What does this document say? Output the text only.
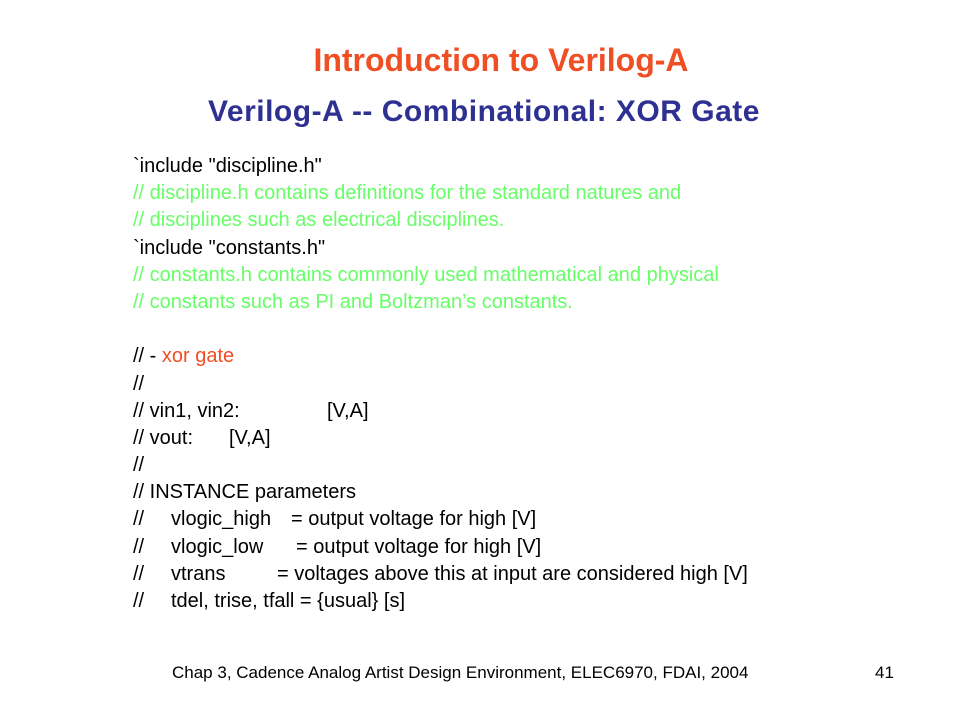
Introduction to Verilog-A
Verilog-A -- Combinational: XOR Gate
`include "discipline.h"
// discipline.h contains definitions for the standard natures and
// disciplines such as electrical disciplines.
`include "constants.h"
// constants.h contains commonly used mathematical and physical
// constants such as PI and Boltzman’s constants.
// - xor gate
//
// vin1, vin2:	[V,A]
// vout: [V,A]
//
// INSTANCE parameters
// vlogic_high = output voltage for high [V]
// vlogic_low = output voltage for high [V]
// vtrans	= voltages above this at input are considered high [V]
// tdel, trise, tfall = {usual} [s]
Chap 3, Cadence Analog Artist Design Environment, ELEC6970, FDAI, 2004	41
